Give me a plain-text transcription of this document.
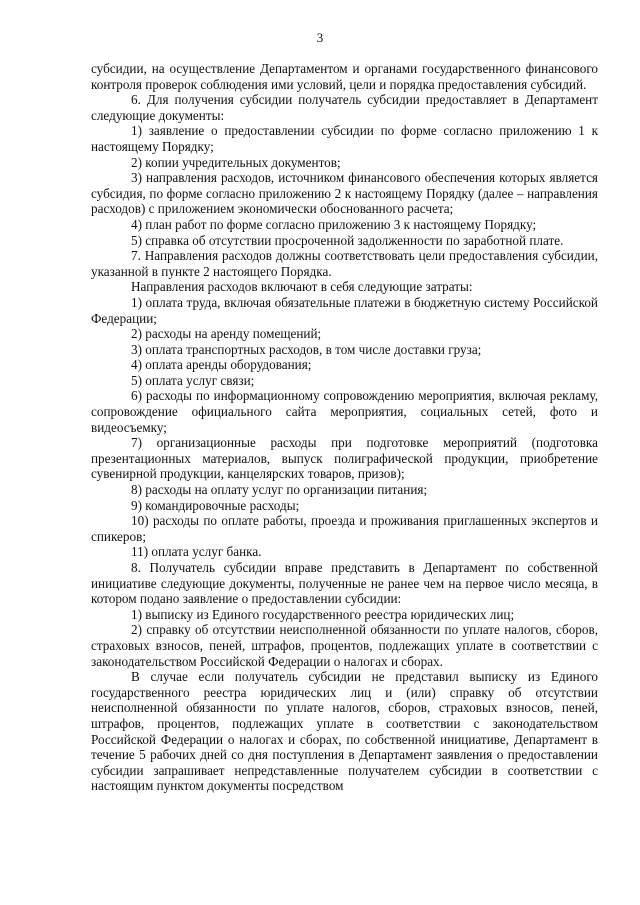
3

субсидии, на осуществление Департаментом и органами государственного финансового контроля проверок соблюдения ими условий, цели и порядка предоставления субсидий.

6. Для получения субсидии получатель субсидии предоставляет в Департамент следующие документы:

1) заявление о предоставлении субсидии по форме согласно приложению 1 к настоящему Порядку;

2) копии учредительных документов;

3) направления расходов, источником финансового обеспечения которых является субсидия, по форме согласно приложению 2 к настоящему Порядку (далее – направления расходов) с приложением экономически обоснованного расчета;

4) план работ по форме согласно приложению 3 к настоящему Порядку;

5) справка об отсутствии просроченной задолженности по заработной плате.

7. Направления расходов должны соответствовать цели предоставления субсидии, указанной в пункте 2 настоящего Порядка.

Направления расходов включают в себя следующие затраты:

1) оплата труда, включая обязательные платежи в бюджетную систему Российской Федерации;

2) расходы на аренду помещений;

3) оплата транспортных расходов, в том числе доставки груза;

4) оплата аренды оборудования;

5) оплата услуг связи;

6) расходы по информационному сопровождению мероприятия, включая рекламу, сопровождение официального сайта мероприятия, социальных сетей, фото и видеосъемку;

7) организационные расходы при подготовке мероприятий (подготовка презентационных материалов, выпуск полиграфической продукции, приобретение сувенирной продукции, канцелярских товаров, призов);

8) расходы на оплату услуг по организации питания;

9) командировочные расходы;

10) расходы по оплате работы, проезда и проживания приглашенных экспертов и спикеров;

11) оплата услуг банка.

8. Получатель субсидии вправе представить в Департамент по собственной инициативе следующие документы, полученные не ранее чем на первое число месяца, в котором подано заявление о предоставлении субсидии:

1) выписку из Единого государственного реестра юридических лиц;

2) справку об отсутствии неисполненной обязанности по уплате налогов, сборов, страховых взносов, пеней, штрафов, процентов, подлежащих уплате в соответствии с законодательством Российской Федерации о налогах и сборах.

В случае если получатель субсидии не представил выписку из Единого государственного реестра юридических лиц и (или) справку об отсутствии неисполненной обязанности по уплате налогов, сборов, страховых взносов, пеней, штрафов, процентов, подлежащих уплате в соответствии с законодательством Российской Федерации о налогах и сборах, по собственной инициативе, Департамент в течение 5 рабочих дней со дня поступления в Департамент заявления о предоставлении субсидии запрашивает непредставленные получателем субсидии в соответствии с настоящим пунктом документы посредством
